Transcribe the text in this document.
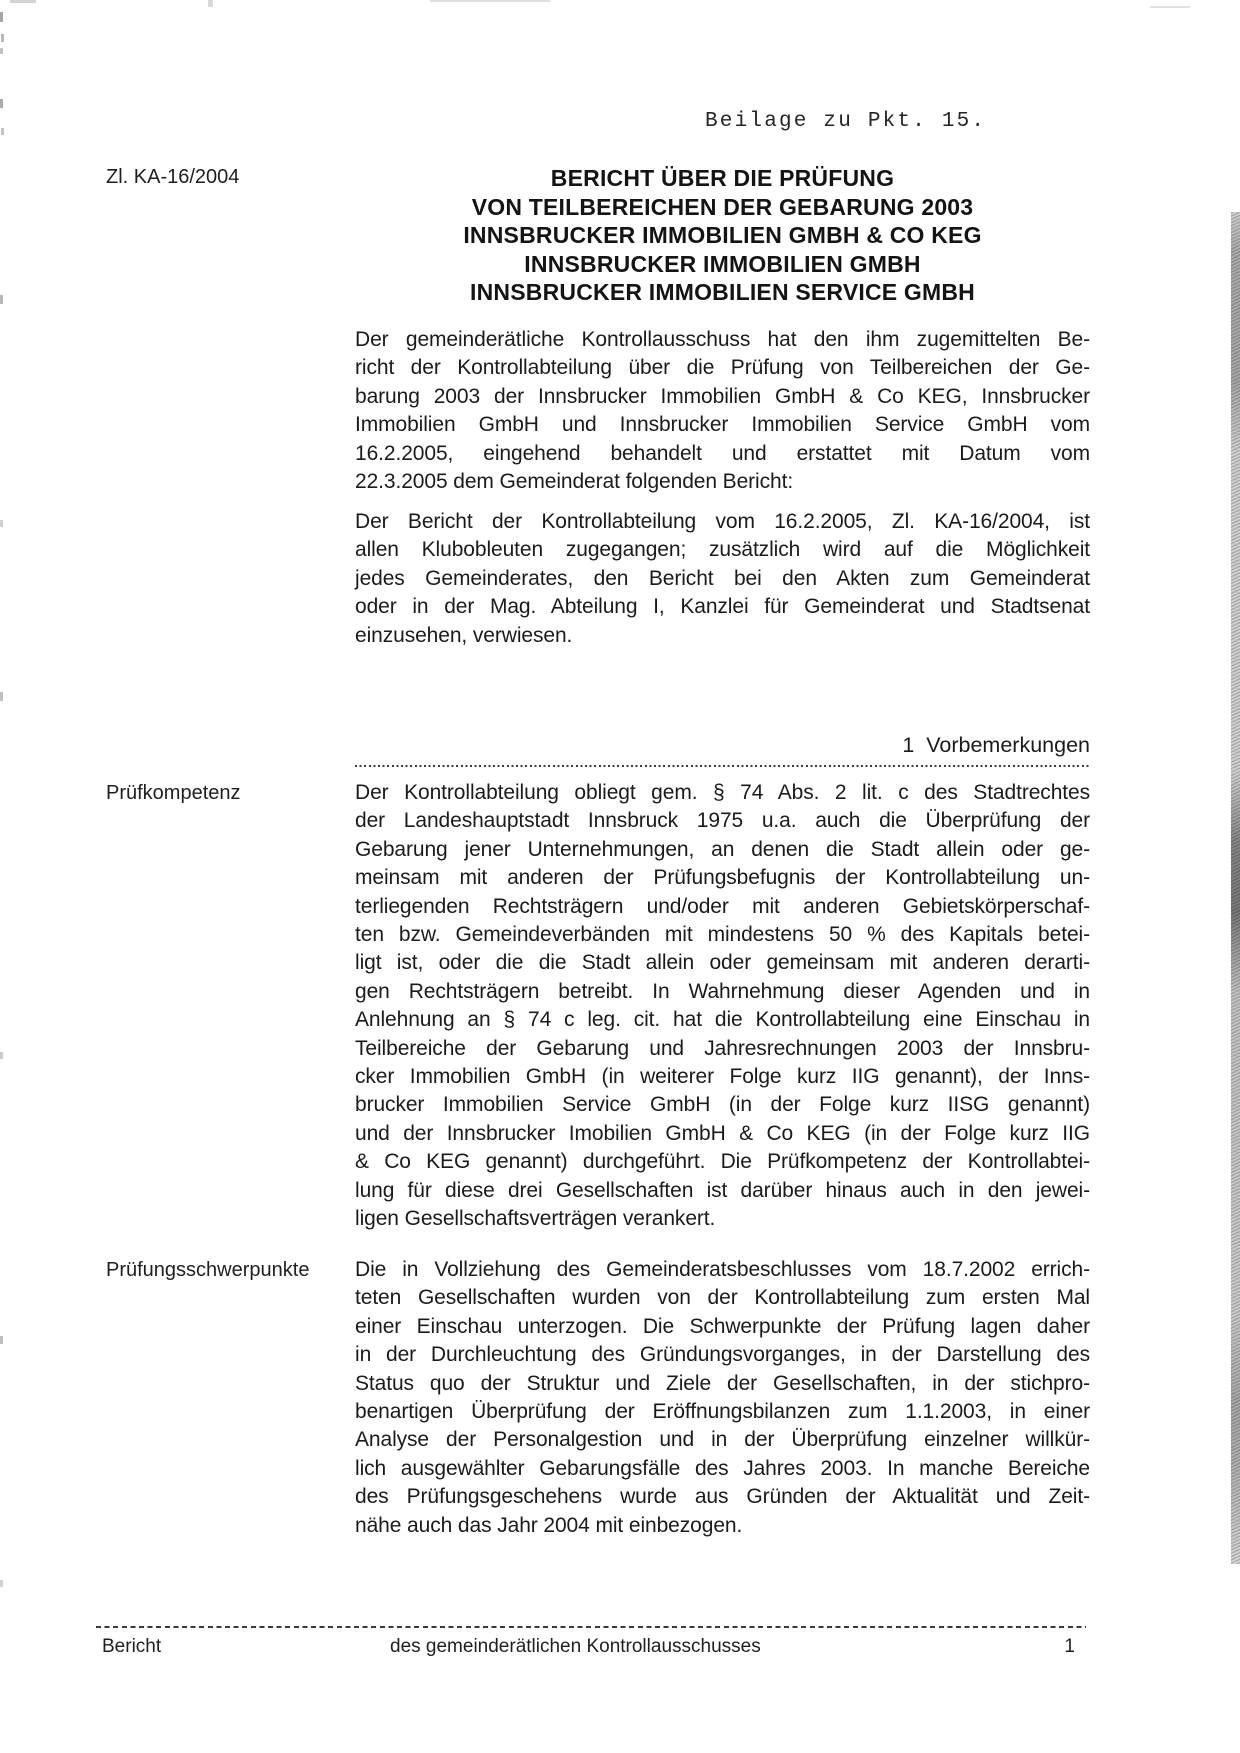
Beilage zu Pkt. 15.
Zl. KA-16/2004	BERICHT ÜBER DIE PRÜFUNG
VON TEILBEREICHEN DER GEBARUNG 2003
INNSBRUCKER IMMOBILIEN GMBH & CO KEG
INNSBRUCKER IMMOBILIEN GMBH
INNSBRUCKER IMMOBILIEN SERVICE GMBH
Der gemeinderätliche Kontrollausschuss hat den ihm zugemittelten Be-
richt der Kontrollabteilung über die Prüfung von Teilbereichen der Ge-
barung 2003 der Innsbrucker Immobilien GmbH & Co KEG, Innsbrucker
Immobilien GmbH und Innsbrucker Immobilien Service GmbH vom
16.2.2005, eingehend behandelt und erstattet mit Datum vom
22.3.2005 dem Gemeinderat folgenden Bericht:
Der Bericht der Kontrollabteilung vom 16.2.2005, Zl. KA-16/2004, ist
allen Klubobleuten zugegangen; zusätzlich wird auf die Möglichkeit
jedes Gemeinderates, den Bericht bei den Akten zum Gemeinderat
oder in der Mag. Abteilung I, Kanzlei für Gemeinderat und Stadtsenat
einzusehen, verwiesen.
1  Vorbemerkungen
Prüfkompetenz	Der Kontrollabteilung obliegt gem. § 74 Abs. 2 lit. c des Stadtrechtes
der Landeshauptstadt Innsbruck 1975 u.a. auch die Überprüfung der
Gebarung jener Unternehmungen, an denen die Stadt allein oder ge-
meinsam mit anderen der Prüfungsbefugnis der Kontrollabteilung un-
terliegenden Rechtsträgern und/oder mit anderen Gebietskörperschaf-
ten bzw. Gemeindeverbänden mit mindestens 50 % des Kapitals betei-
ligt ist, oder die die Stadt allein oder gemeinsam mit anderen derarti-
gen Rechtsträgern betreibt. In Wahrnehmung dieser Agenden und in
Anlehnung an § 74 c leg. cit. hat die Kontrollabteilung eine Einschau in
Teilbereiche der Gebarung und Jahresrechnungen 2003 der Innsbru-
cker Immobilien GmbH (in weiterer Folge kurz IIG genannt), der Inns-
brucker Immobilien Service GmbH (in der Folge kurz IISG genannt)
und der Innsbrucker Imobilien GmbH & Co KEG (in der Folge kurz IIG
& Co KEG genannt) durchgeführt. Die Prüfkompetenz der Kontrollabtei-
lung für diese drei Gesellschaften ist darüber hinaus auch in den jewei-
ligen Gesellschaftsverträgen verankert.
Prüfungsschwerpunkte Die in Vollziehung des Gemeinderatsbeschlusses vom 18.7.2002 errich-
teten Gesellschaften wurden von der Kontrollabteilung zum ersten Mal
einer Einschau unterzogen. Die Schwerpunkte der Prüfung lagen daher
in der Durchleuchtung des Gründungsvorganges, in der Darstellung des
Status quo der Struktur und Ziele der Gesellschaften, in der stichpro-
benartigen Überprüfung der Eröffnungsbilanzen zum 1.1.2003, in einer
Analyse der Personalgestion und in der Überprüfung einzelner willkür-
lich ausgewählter Gebarungsfälle des Jahres 2003. In manche Bereiche
des Prüfungsgeschehens wurde aus Gründen der Aktualität und Zeit-
nähe auch das Jahr 2004 mit einbezogen.
Bericht	des gemeinderätlichen Kontrollausschusses	1
